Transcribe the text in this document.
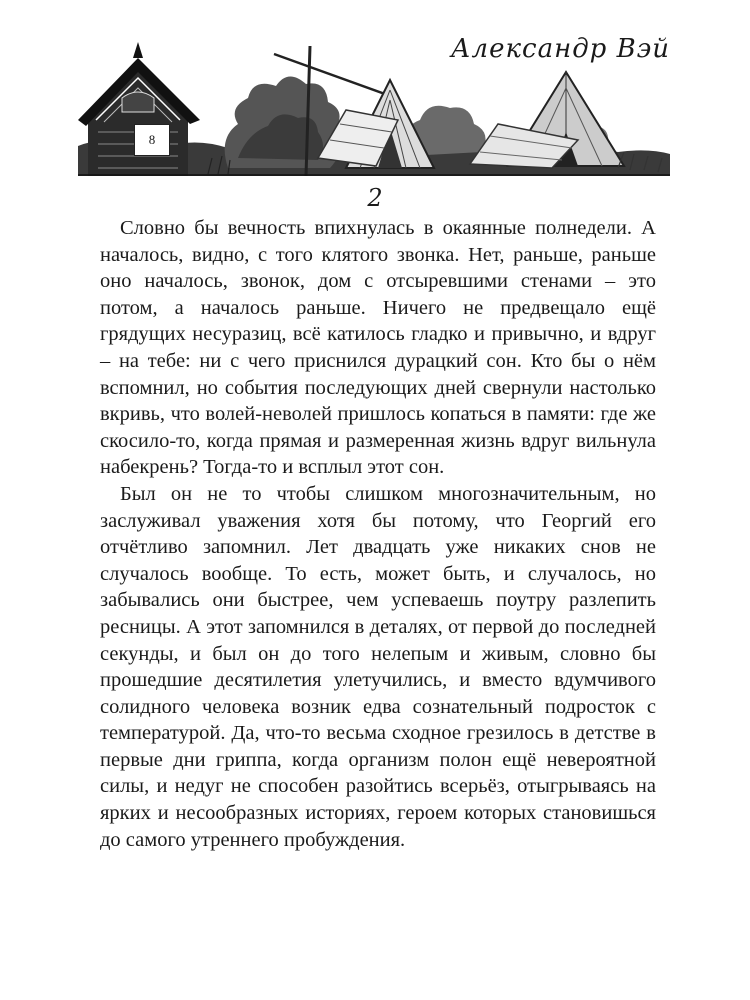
Александр Вэй
8
2

Словно бы вечность впихнулась в окаянные полнедели. А началось, видно, с того клятого звонка. Нет, раньше, раньше оно началось, звонок, дом с отсыревшими стенами – это потом, а началось раньше. Ничего не предвещало ещё грядущих несуразиц, всё катилось гладко и привычно, и вдруг – на тебе: ни с чего приснился дурацкий сон. Кто бы о нём вспомнил, но события последующих дней свернули настолько вкривь, что волей-неволей пришлось копаться в памяти: где же скосило-то, когда прямая и размеренная жизнь вдруг вильнула набекрень? Тогда-то и всплыл этот сон.

Был он не то чтобы слишком многозначительным, но заслуживал уважения хотя бы потому, что Георгий его отчётливо запомнил. Лет двадцать уже никаких снов не случалось вообще. То есть, может быть, и случалось, но забывались они быстрее, чем успеваешь поутру разлепить ресницы. А этот запомнился в деталях, от первой до последней секунды, и был он до того нелепым и живым, словно бы прошедшие десятилетия улетучились, и вместо вдумчивого солидного человека возник едва сознательный подросток с температурой. Да, что-то весьма сходное грезилось в детстве в первые дни гриппа, когда организм полон ещё невероятной силы, и недуг не способен разойтись всерьёз, отыгрываясь на ярких и несообразных историях, героем которых становишься до самого утреннего пробуждения.
